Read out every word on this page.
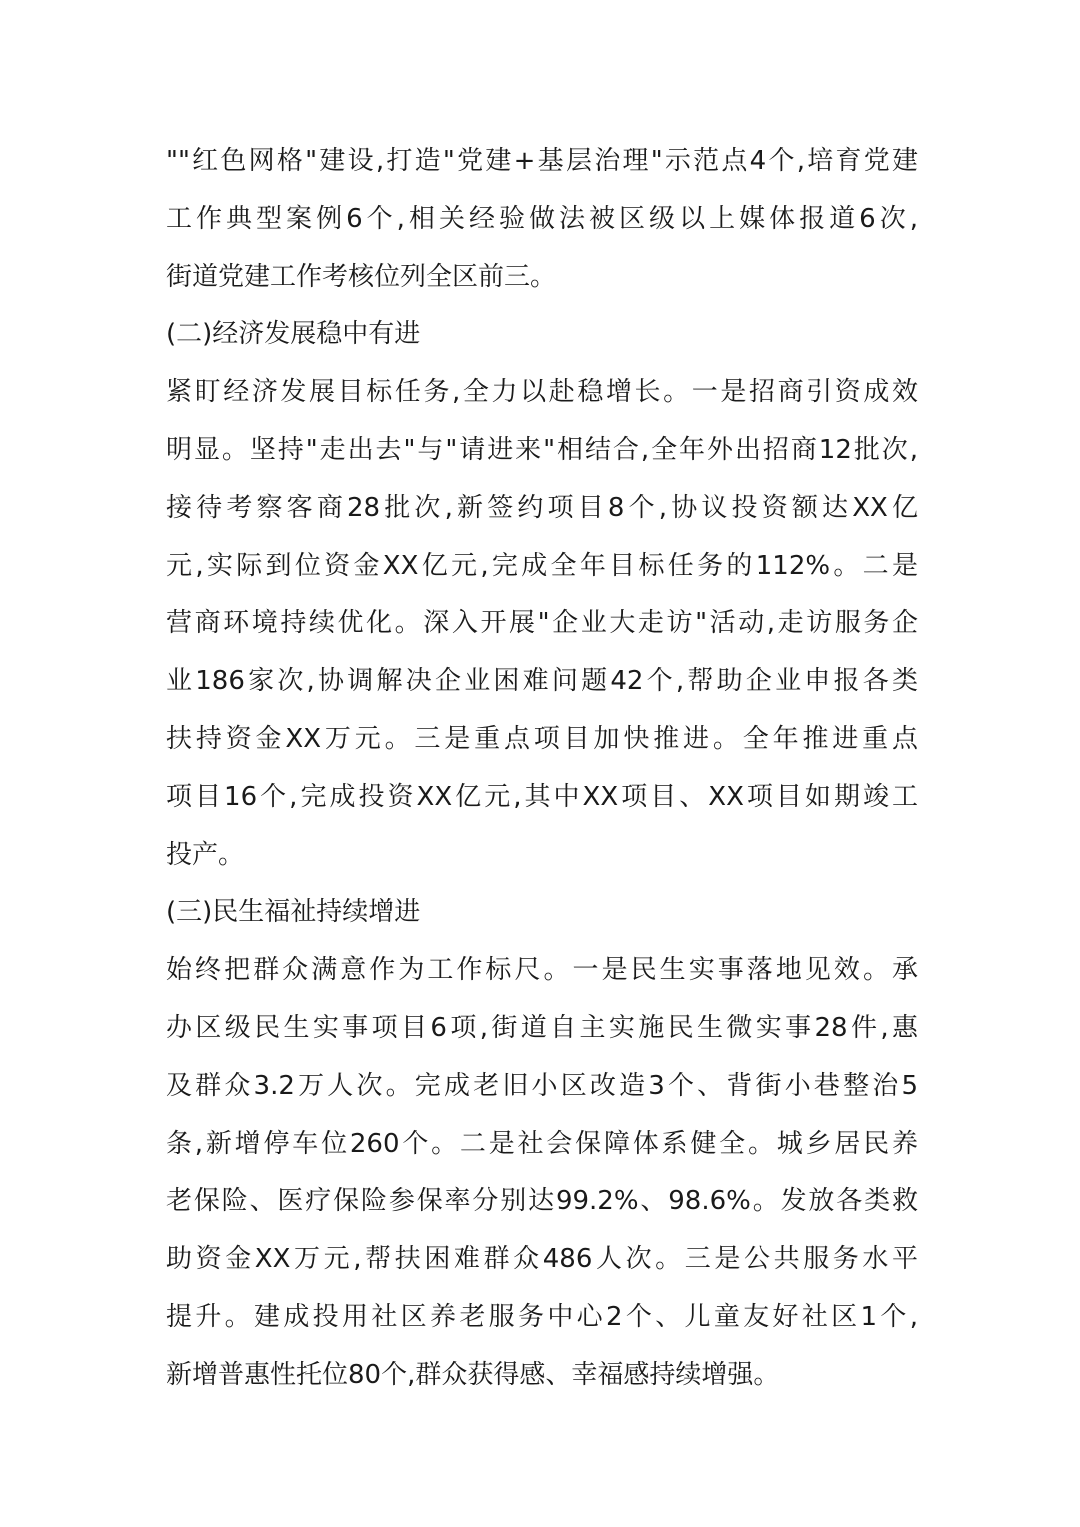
""红色网格"建设,打造"党建+基层治理"示范点4个,培育党建
工作典型案例6个,相关经验做法被区级以上媒体报道6次,
街道党建工作考核位列全区前三。

(二)经济发展稳中有进

紧盯经济发展目标任务,全力以赴稳增长。一是招商引资成效
明显。坚持"走出去"与"请进来"相结合,全年外出招商12批次,
接待考察客商28批次,新签约项目8个,协议投资额达XX亿
元,实际到位资金XX亿元,完成全年目标任务的112%。二是
营商环境持续优化。深入开展"企业大走访"活动,走访服务企
业186家次,协调解决企业困难问题42个,帮助企业申报各类
扶持资金XX万元。三是重点项目加快推进。全年推进重点
项目16个,完成投资XX亿元,其中XX项目、XX项目如期竣工
投产。

(三)民生福祉持续增进

始终把群众满意作为工作标尺。一是民生实事落地见效。承
办区级民生实事项目6项,街道自主实施民生微实事28件,惠
及群众3.2万人次。完成老旧小区改造3个、背街小巷整治5
条,新增停车位260个。二是社会保障体系健全。城乡居民养
老保险、医疗保险参保率分别达99.2%、98.6%。发放各类救
助资金XX万元,帮扶困难群众486人次。三是公共服务水平
提升。建成投用社区养老服务中心2个、儿童友好社区1个,
新增普惠性托位80个,群众获得感、幸福感持续增强。
